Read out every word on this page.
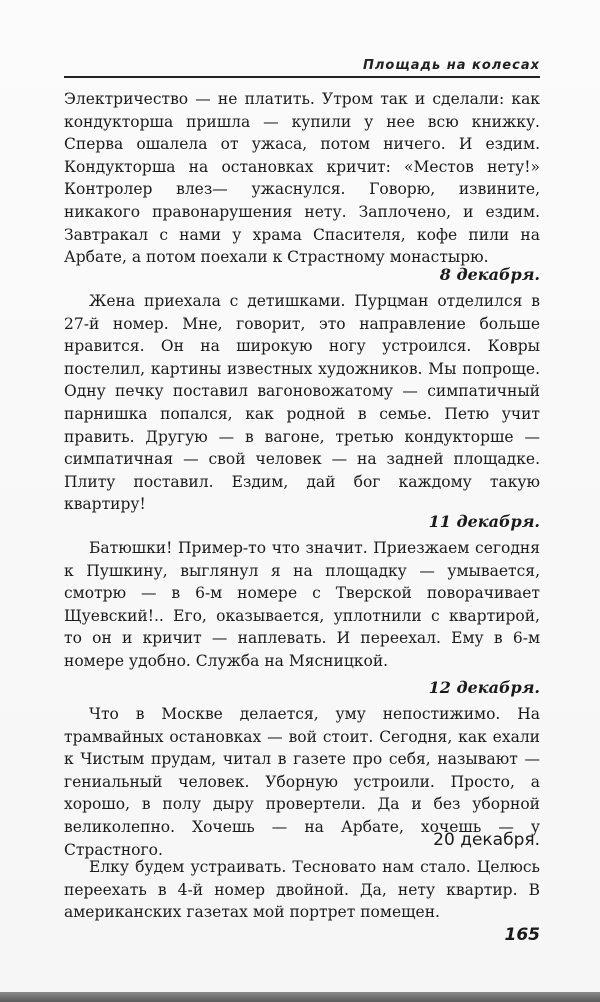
Площадь на колесах

Электричество — не платить. Утром так и сделали: как кондукторша пришла — купили у нее всю книжку. Сперва ошалела от ужаса, потом ничего. И ездим. Кондукторша на остановках кричит: «Местов нету!» Контролер влез— ужаснулся. Говорю, извините, никакого правонарушения нету. Заплочено, и ездим. Завтракал с нами у храма Спасителя, кофе пили на Арбате, а потом поехали к Страстному монастырю.

8 декабря.

Жена приехала с детишками. Пурцман отделился в 27-й номер. Мне, говорит, это направление больше нравится. Он на широкую ногу устроился. Ковры постелил, картины известных художников. Мы попроще. Одну печку поставил вагоновожатому — симпатичный парнишка попался, как родной в семье. Петю учит править. Другую — в вагоне, третью кондукторше — симпатичная — свой человек — на задней площадке. Плиту поставил. Ездим, дай бог каждому такую квартиру!

11 декабря.

Батюшки! Пример-то что значит. Приезжаем сегодня к Пушкину, выглянул я на площадку — умывается, смотрю — в 6-м номере с Тверской поворачивает Щуевский!.. Его, оказывается, уплотнили с квартирой, то он и кричит — наплевать. И переехал. Ему в 6-м номере удобно. Служба на Мясницкой.

12 декабря.

Что в Москве делается, уму непостижимо. На трамвайных остановках — вой стоит. Сегодня, как ехали к Чистым прудам, читал в газете про себя, называют — гениальный человек. Уборную устроили. Просто, а хорошо, в полу дыру провертели. Да и без уборной великолепно. Хочешь — на Арбате, хочешь — у Страстного.	20 декабря.

Елку будем устраивать. Тесновато нам стало. Целюсь переехать в 4-й номер двойной. Да, нету квартир. В американских газетах мой портрет помещен.

165
